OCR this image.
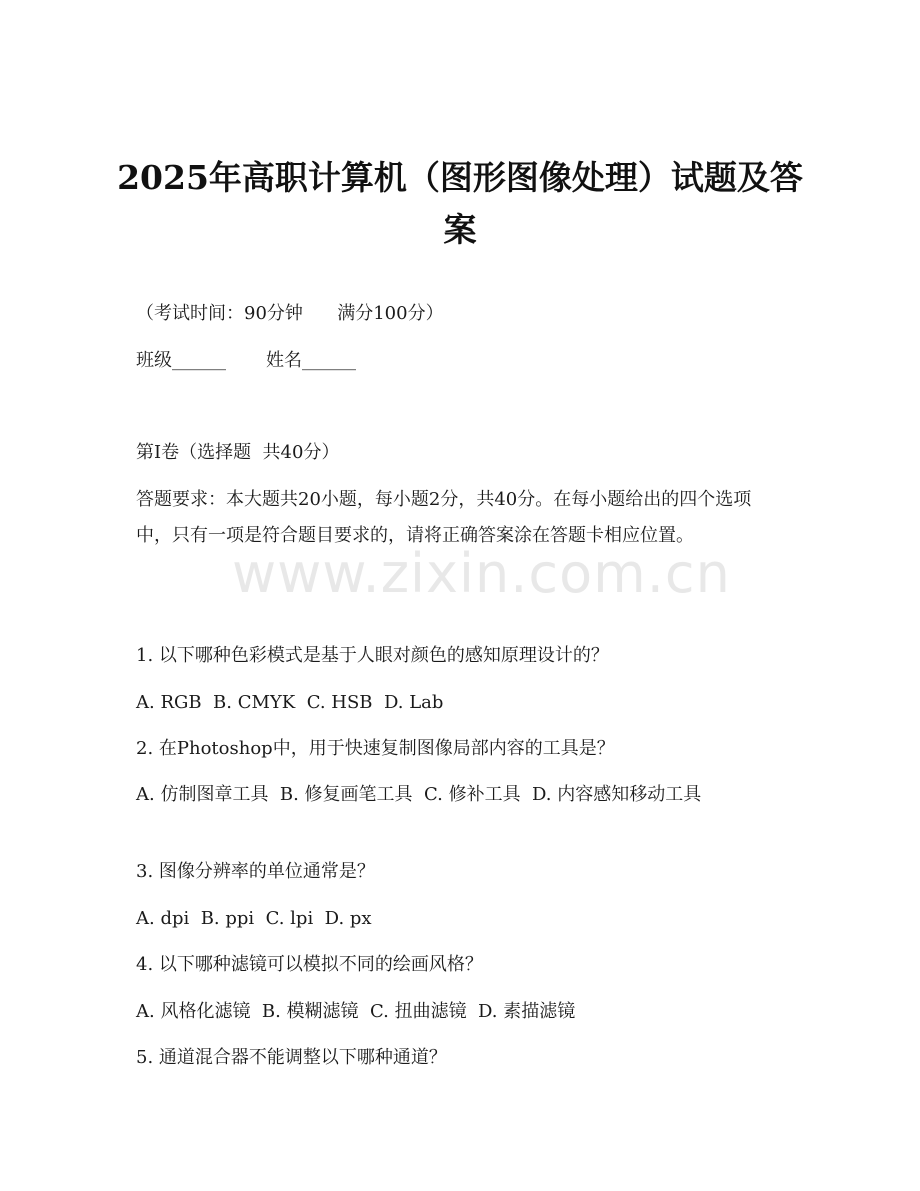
2025年高职计算机（图形图像处理）试题及答案

（考试时间：90分钟      满分100分）

班级______       姓名______

第I卷（选择题  共40分）

答题要求：本大题共20小题，每小题2分，共40分。在每小题给出的四个选项中，只有一项是符合题目要求的，请将正确答案涂在答题卡相应位置。

1. 以下哪种色彩模式是基于人眼对颜色的感知原理设计的？

A. RGB  B. CMYK  C. HSB  D. Lab

2. 在Photoshop中，用于快速复制图像局部内容的工具是？

A. 仿制图章工具  B. 修复画笔工具  C. 修补工具  D. 内容感知移动工具

3. 图像分辨率的单位通常是？

A. dpi  B. ppi  C. lpi  D. px

4. 以下哪种滤镜可以模拟不同的绘画风格？

A. 风格化滤镜  B. 模糊滤镜  C. 扭曲滤镜  D. 素描滤镜

5. 通道混合器不能调整以下哪种通道？

www.zixin.com.cn
